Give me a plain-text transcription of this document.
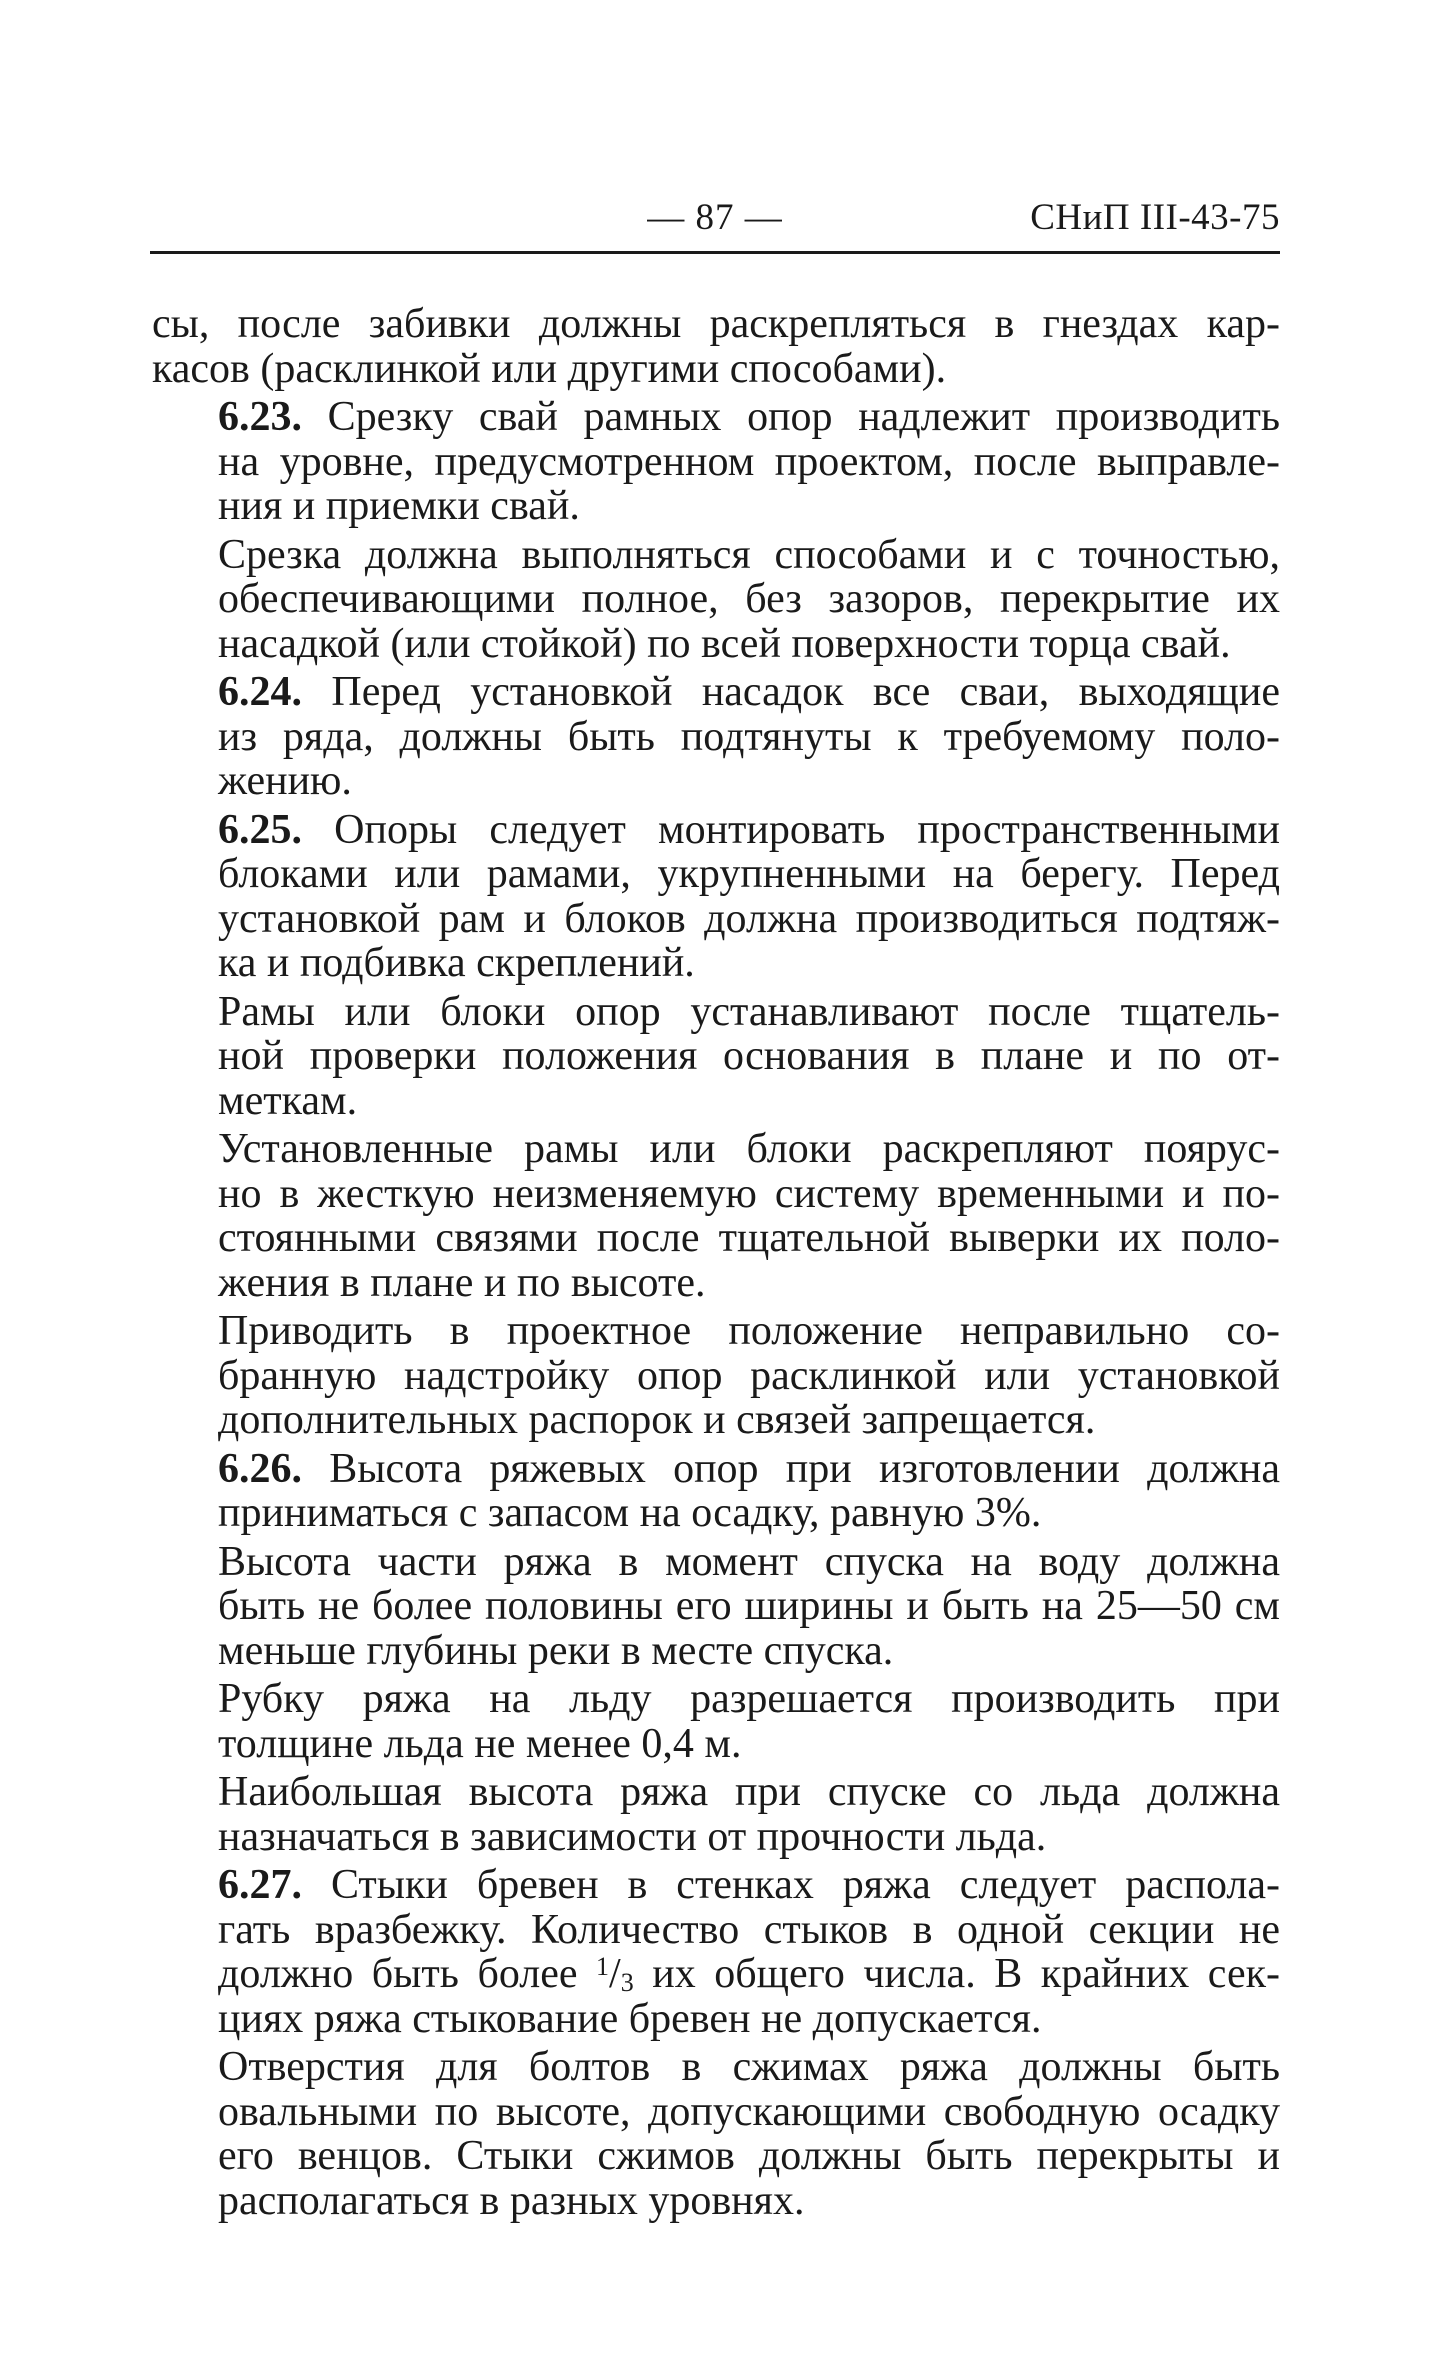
— 87 —	СНиП III-43-75

сы, после забивки должны раскрепляться в гнездах кар-
касов (расклинкой или другими способами).

6.23. Срезку свай рамных опор надлежит производить
на уровне, предусмотренном проектом, после выправле-
ния и приемки свай.

Срезка должна выполняться способами и с точностью,
обеспечивающими полное, без зазоров, перекрытие их
насадкой (или стойкой) по всей поверхности торца свай.

6.24. Перед установкой насадок все сваи, выходящие
из ряда, должны быть подтянуты к требуемому поло-
жению.

6.25. Опоры следует монтировать пространственными
блоками или рамами, укрупненными на берегу. Перед
установкой рам и блоков должна производиться подтяж-
ка и подбивка скреплений.

Рамы или блоки опор устанавливают после тщатель-
ной проверки положения основания в плане и по от-
меткам.

Установленные рамы или блоки раскрепляют поярус-
но в жесткую неизменяемую систему временными и по-
стоянными связями после тщательной выверки их поло-
жения в плане и по высоте.

Приводить в проектное положение неправильно со-
бранную надстройку опор расклинкой или установкой
дополнительных распорок и связей запрещается.

6.26. Высота ряжевых опор при изготовлении должна
приниматься с запасом на осадку, равную 3%.

Высота части ряжа в момент спуска на воду должна
быть не более половины его ширины и быть на 25—50 см
меньше глубины реки в месте спуска.

Рубку ряжа на льду разрешается производить при
толщине льда не менее 0,4 м.

Наибольшая высота ряжа при спуске со льда должна
назначаться в зависимости от прочности льда.

6.27. Стыки бревен в стенках ряжа следует распола-
гать вразбежку. Количество стыков в одной секции не
должно быть более $^1$/3 их общего числа. В крайних сек-
циях ряжа стыкование бревен не допускается.

Отверстия для болтов в сжимах ряжа должны быть
овальными по высоте, допускающими свободную осадку
его венцов. Стыки сжимов должны быть перекрыты и
располагаться в разных уровнях.
